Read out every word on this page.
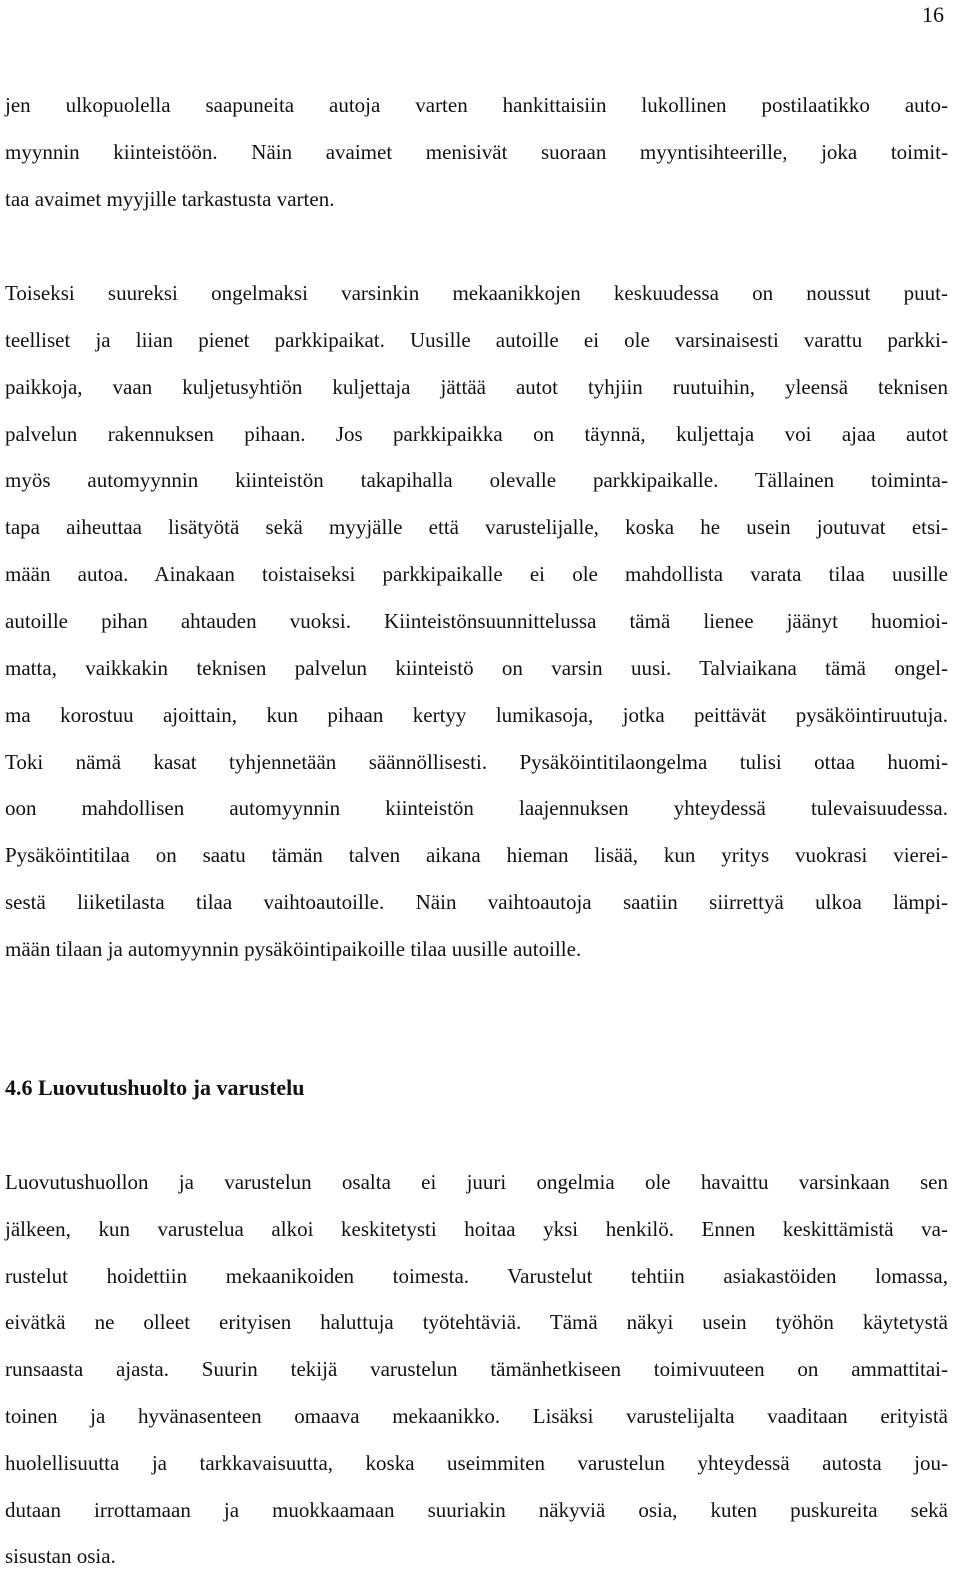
16
jen ulkopuolella saapuneita autoja varten hankittaisiin lukollinen postilaatikko auto-
myynnin kiinteistöön. Näin avaimet menisivät suoraan myyntisihteerille, joka toimit-
taa avaimet myyjille tarkastusta varten.
Toiseksi suureksi ongelmaksi varsinkin mekaanikkojen keskuudessa on noussut puut-
teelliset ja liian pienet parkkipaikat. Uusille autoille ei ole varsinaisesti varattu parkki-
paikkoja, vaan kuljetusyhtiön kuljettaja jättää autot tyhjiin ruutuihin, yleensä teknisen
palvelun rakennuksen pihaan. Jos parkkipaikka on täynnä, kuljettaja voi ajaa autot
myös automyynnin kiinteistön takapihalla olevalle parkkipaikalle. Tällainen toiminta-
tapa aiheuttaa lisätyötä sekä myyjälle että varustelijalle, koska he usein joutuvat etsi-
mään autoa. Ainakaan toistaiseksi parkkipaikalle ei ole mahdollista varata tilaa uusille
autoille pihan ahtauden vuoksi. Kiinteistönsuunnittelussa tämä lienee jäänyt huomioi-
matta, vaikkakin teknisen palvelun kiinteistö on varsin uusi. Talviaikana tämä ongel-
ma korostuu ajoittain, kun pihaan kertyy lumikasoja, jotka peittävät pysäköintiruutuja.
Toki nämä kasat tyhjennetään säännöllisesti. Pysäköintitilaongelma tulisi ottaa huomi-
oon mahdollisen automyynnin kiinteistön laajennuksen yhteydessä tulevaisuudessa.
Pysäköintitilaa on saatu tämän talven aikana hieman lisää, kun yritys vuokrasi vierei-
sestä liiketilasta tilaa vaihtoautoille. Näin vaihtoautoja saatiin siirrettyä ulkoa lämpi-
mään tilaan ja automyynnin pysäköintipaikoille tilaa uusille autoille.
4.6 Luovutushuolto ja varustelu
Luovutushuollon ja varustelun osalta ei juuri ongelmia ole havaittu varsinkaan sen
jälkeen, kun varustelua alkoi keskitetysti hoitaa yksi henkilö. Ennen keskittämistä va-
rustelut hoidettiin mekaanikoiden toimesta. Varustelut tehtiin asiakastöiden lomassa,
eivätkä ne olleet erityisen haluttuja työtehtäviä. Tämä näkyi usein työhön käytetystä
runsaasta ajasta. Suurin tekijä varustelun tämänhetkiseen toimivuuteen on ammattitai-
toinen ja hyvänasenteen omaava mekaanikko. Lisäksi varustelijalta vaaditaan erityistä
huolellisuutta ja tarkkavaisuutta, koska useimmiten varustelun yhteydessä autosta jou-
dutaan irrottamaan ja muokkaamaan suuriakin näkyviä osia, kuten puskureita sekä
sisustan osia.
